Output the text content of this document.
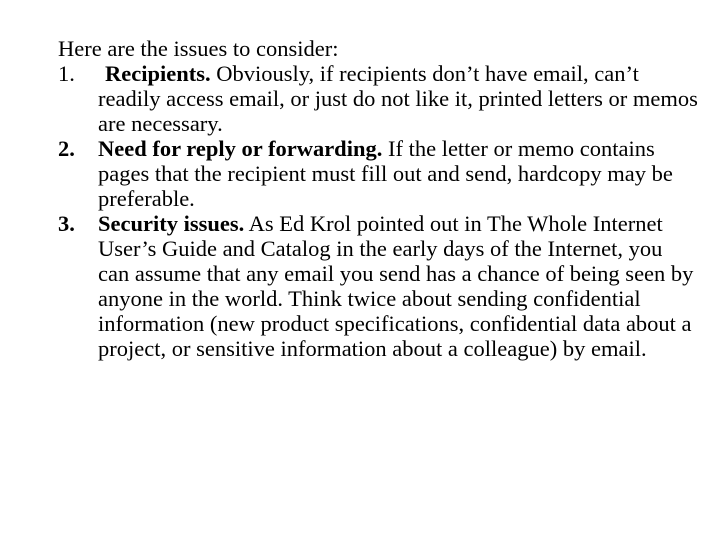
Here are the issues to consider:

1. Recipients. Obviously, if recipients don’t have email, can’t readily access email, or just do not like it, printed letters or memos are necessary.
2. Need for reply or forwarding. If the letter or memo contains pages that the recipient must fill out and send, hardcopy may be preferable.
3. Security issues. As Ed Krol pointed out in The Whole Internet User’s Guide and Catalog in the early days of the Internet, you can assume that any email you send has a chance of being seen by anyone in the world. Think twice about sending confidential information (new product specifications, confidential data about a project, or sensitive information about a colleague) by email.
